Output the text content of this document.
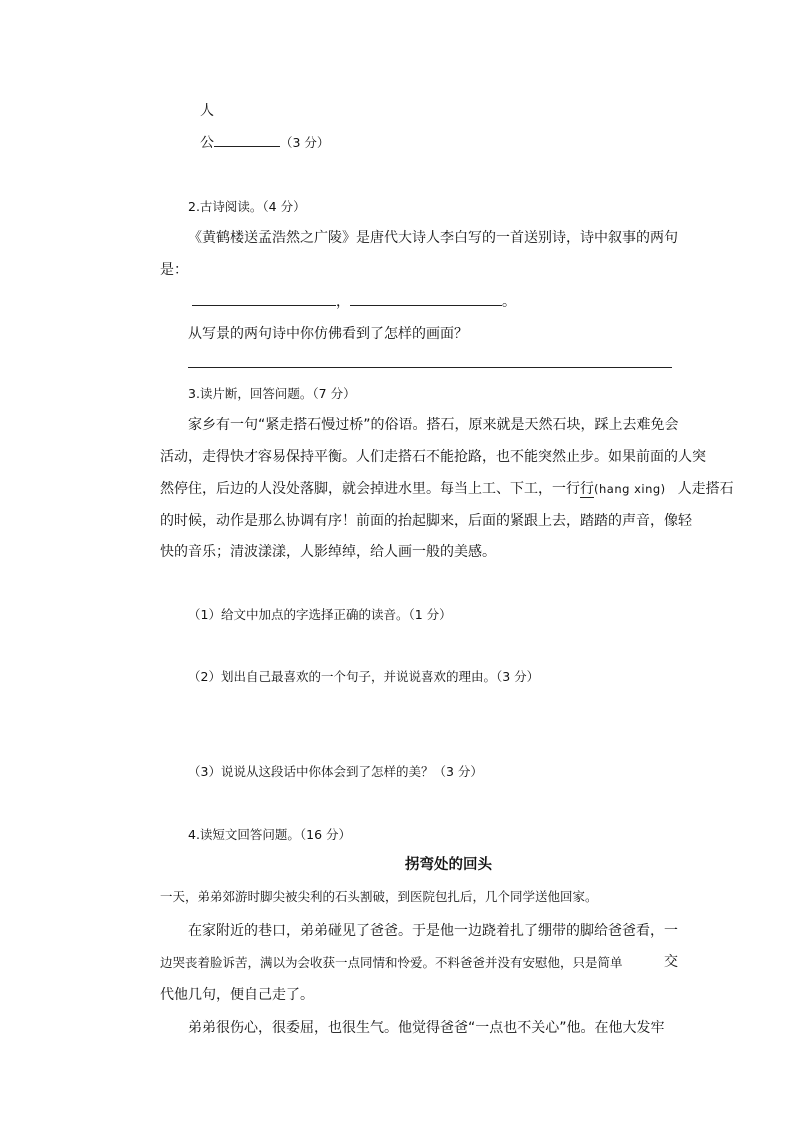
人
公	（3 分）
2.古诗阅读。（4 分）
《黄鹤楼送孟浩然之广陵》是唐代大诗人李白写的一首送别诗，诗中叙事的两句
是：
，	。
从写景的两句诗中你仿佛看到了怎样的画面？
3.读片断，回答问题。（7 分）
家乡有一句“紧走搭石慢过桥”的俗语。搭石，原来就是天然石块，踩上去难免会
活动，走得快才容易保持平衡。人们走搭石不能抢路，也不能突然止步。如果前面的人突
然停住，后边的人没处落脚，就会掉进水里。每当上工、下工，一行行(hang xing) 人走搭石
的时候，动作是那么协调有序！前面的抬起脚来，后面的紧跟上去，踏踏的声音，像轻
快的音乐；清波漾漾，人影绰绰，给人画一般的美感。
（1）给文中加点的字选择正确的读音。（1 分）
（2）划出自己最喜欢的一个句子，并说说喜欢的理由。（3 分）
（3）说说从这段话中你体会到了怎样的美？（3 分）
4.读短文回答问题。（16 分）
拐弯处的回头
一天，弟弟郊游时脚尖被尖利的石头割破，到医院包扎后，几个同学送他回家。
在家附近的巷口，弟弟碰见了爸爸。于是他一边跷着扎了绷带的脚给爸爸看，一
边哭丧着脸诉苦，满以为会收获一点同情和怜爱。不料爸爸并没有安慰他，只是简单	交
代他几句，便自己走了。
弟弟很伤心，很委屈，也很生气。他觉得爸爸“一点也不关心”他。在他大发牢
